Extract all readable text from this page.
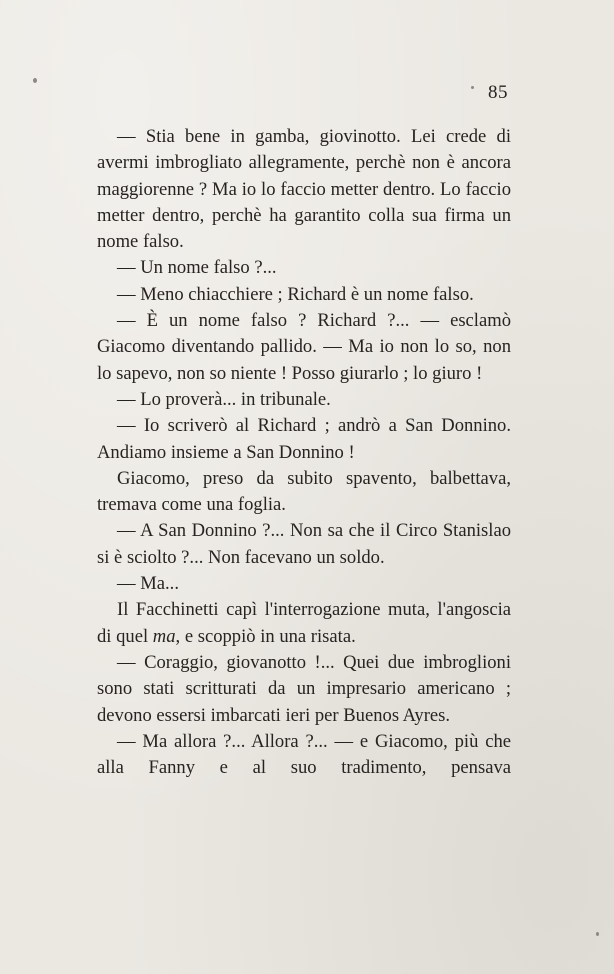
85

— Stia bene in gamba, giovinotto. Lei crede di avermi imbrogliato allegramente, perchè non è ancora maggiorenne ? Ma io lo faccio metter dentro. Lo faccio metter dentro, perchè ha garantito colla sua firma un nome falso.

— Un nome falso ?...

— Meno chiacchiere ; Richard è un nome falso.

— È un nome falso ? Richard ?... — esclamò Giacomo diventando pallido. — Ma io non lo so, non lo sapevo, non so niente ! Posso giurarlo ; lo giuro !

— Lo proverà... in tribunale.

— Io scriverò al Richard ; andrò a San Donnino. Andiamo insieme a San Donnino !

Giacomo, preso da subito spavento, balbettava, tremava come una foglia.

— A San Donnino ?... Non sa che il Circo Stanislao si è sciolto ?... Non facevano un soldo.

— Ma...

Il Facchinetti capì l'interrogazione muta, l'angoscia di quel ma, e scoppiò in una risata.

— Coraggio, giovanotto !... Quei due imbroglioni sono stati scritturati da un impresario americano ; devono essersi imbarcati ieri per Buenos Ayres.

— Ma allora ?... Allora ?... — e Giacomo, più che alla Fanny e al suo tradimento, pensava
